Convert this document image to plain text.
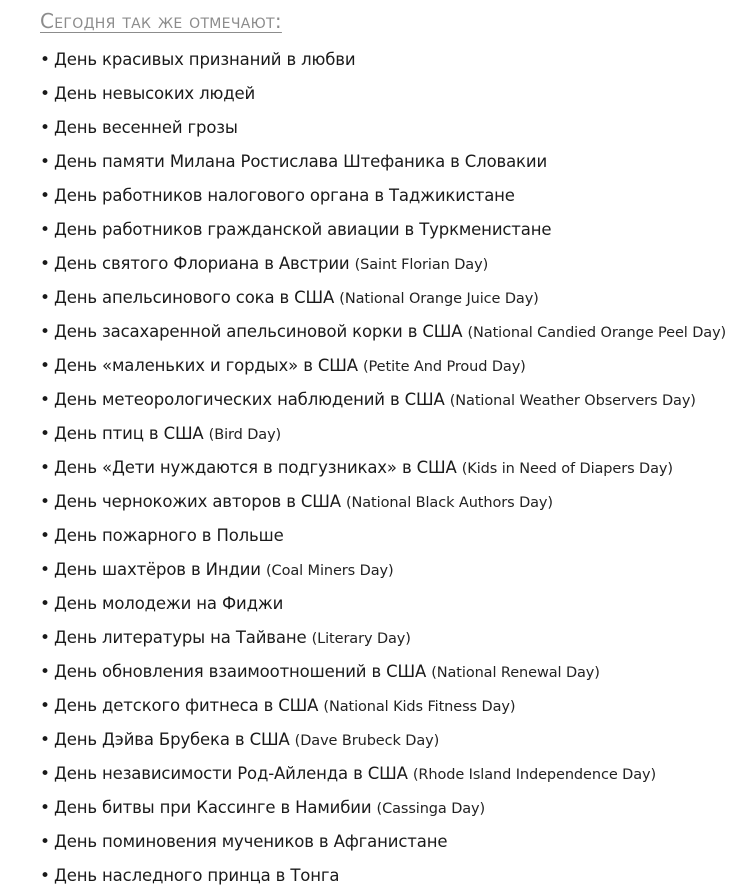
Сегодня так же отмечают:
• День красивых признаний в любви
• День невысоких людей
• День весенней грозы
• День памяти Милана Ростислава Штефаника в Словакии
• День работников налогового органа в Таджикистане
• День работников гражданской авиации в Туркменистане
• День святого Флориана в Австрии (Saint Florian Day)
• День апельсинового сока в США (National Orange Juice Day)
• День засахаренной апельсиновой корки в США (National Candied Orange Peel Day)
• День «маленьких и гордых» в США (Petite And Proud Day)
• День метеорологических наблюдений в США (National Weather Observers Day)
• День птиц в США (Bird Day)
• День «Дети нуждаются в подгузниках» в США (Kids in Need of Diapers Day)
• День чернокожих авторов в США (National Black Authors Day)
• День пожарного в Польше
• День шахтёров в Индии (Coal Miners Day)
• День молодежи на Фиджи
• День литературы на Тайване (Literary Day)
• День обновления взаимоотношений в США (National Renewal Day)
• День детского фитнеса в США (National Kids Fitness Day)
• День Дэйва Брубека в США (Dave Brubeck Day)
• День независимости Род-Айленда в США (Rhode Island Independence Day)
• День битвы при Кассинге в Намибии (Cassinga Day)
• День поминовения мучеников в Афганистане
• День наследного принца в Тонга
